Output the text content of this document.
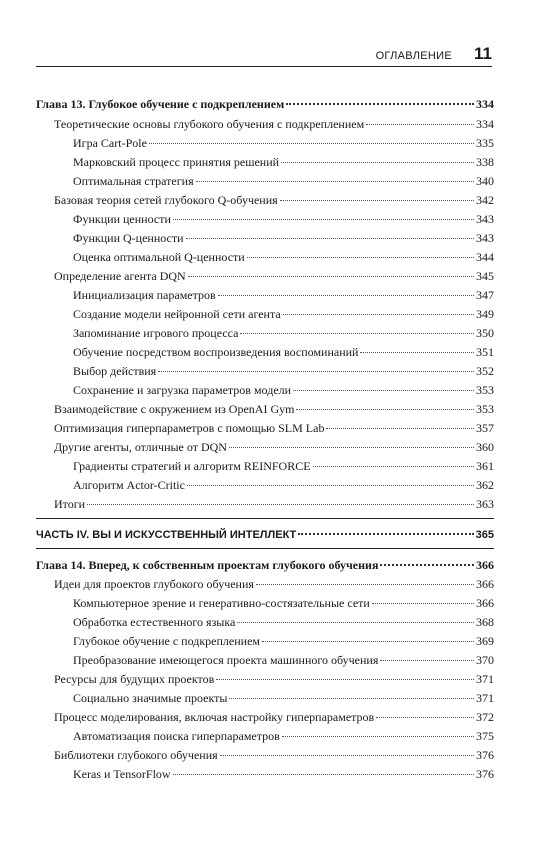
ОГЛАВЛЕНИЕ 11
Глава 13. Глубокое обучение с подкреплением	334
Теоретические основы глубокого обучения с подкреплением	334
Игра Cart-Pole	335
Марковский процесс принятия решений	338
Оптимальная стратегия	340
Базовая теория сетей глубокого Q-обучения	342
Функции ценности	343
Функции Q-ценности	343
Оценка оптимальной Q-ценности	344
Определение агента DQN	345
Инициализация параметров	347
Создание модели нейронной сети агента	349
Запоминание игрового процесса	350
Обучение посредством воспроизведения воспоминаний	351
Выбор действия	352
Сохранение и загрузка параметров модели	353
Взаимодействие с окружением из OpenAI Gym	353
Оптимизация гиперпараметров с помощью SLM Lab	357
Другие агенты, отличные от DQN	360
Градиенты стратегий и алгоритм REINFORCE	361
Алгоритм Actor-Critic	362
Итоги	363
ЧАСТЬ IV. ВЫ И ИСКУССТВЕННЫЙ ИНТЕЛЛЕКТ	365
Глава 14. Вперед, к собственным проектам глубокого обучения	366
Идеи для проектов глубокого обучения	366
Компьютерное зрение и генеративно-состязательные сети	366
Обработка естественного языка	368
Глубокое обучение с подкреплением	369
Преобразование имеющегося проекта машинного обучения	370
Ресурсы для будущих проектов	371
Социально значимые проекты	371
Процесс моделирования, включая настройку гиперпараметров	372
Автоматизация поиска гиперпараметров	375
Библиотеки глубокого обучения	376
Keras и TensorFlow	376
